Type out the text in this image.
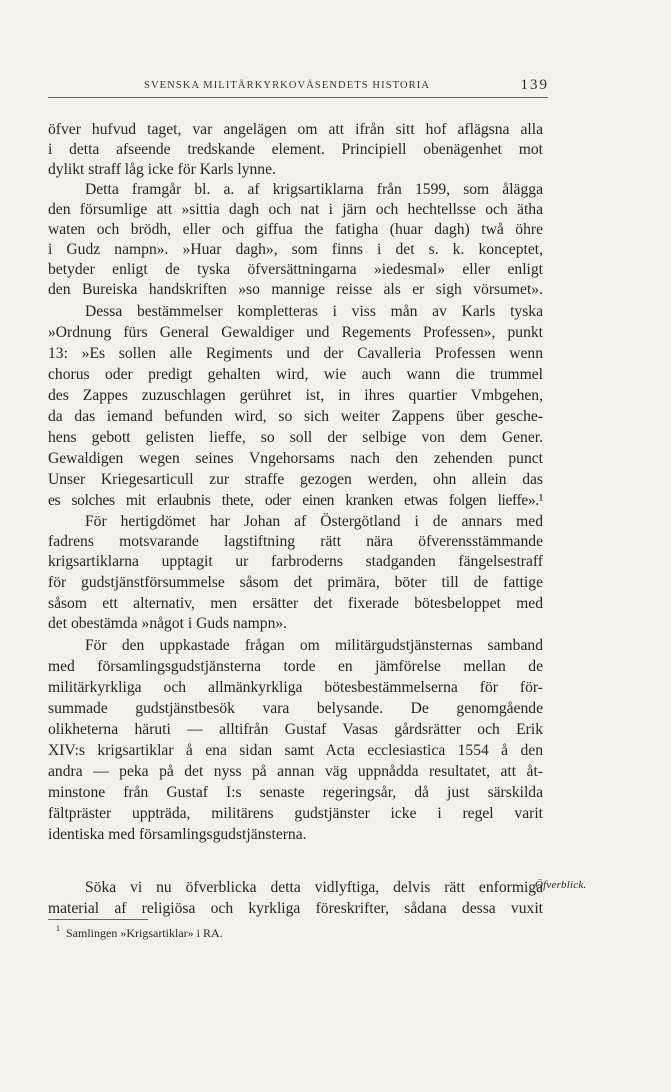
SVENSKA MILITÄRKYRKOVÄSENDETS HISTORIA	139
öfver hufvud taget, var angelägen om att ifrån sitt hof aflägsna alla
i detta afseende tredskande element. Principiell obenägenhet mot
dylikt straff låg icke för Karls lynne.
Detta framgår bl. a. af krigsartiklarna från 1599, som ålägga
den försumlige att »sittia dagh och nat i järn och hechtellsse och ätha
waten och brödh, eller och giffua the fatigha (huar dagh) twå öhre
i Gudz nampn». »Huar dagh», som finns i det s. k. konceptet,
betyder enligt de tyska öfversättningarna »iedesmal» eller enligt
den Bureiska handskriften »so mannige reisse als er sigh vörsumet».
Dessa bestämmelser kompletteras i viss mån av Karls tyska
»Ordnung fürs General Gewaldiger und Regements Professen», punkt
13: »Es sollen alle Regiments und der Cavalleria Professen wenn
chorus oder predigt gehalten wird, wie auch wann die trummel
des Zappes zuzuschlagen gerühret ist, in ihres quartier Vmbgehen,
da das iemand befunden wird, so sich weiter Zappens über gesche-
hens gebott gelisten lieffe, so soll der selbige von dem Gener.
Gewaldigen wegen seines Vngehorsams nach den zehenden punct
Unser Kriegesarticull zur straffe gezogen werden, ohn allein das
es solches mit erlaubnis thete, oder einen kranken etwas folgen lieffe».¹
För hertigdömet har Johan af Östergötland i de annars med
fadrens motsvarande lagstiftning rätt nära öfverensstämmande
krigsartiklarna upptagit ur farbroderns stadganden fängelsestraff
för gudstjänstförsummelse såsom det primära, böter till de fattige
såsom ett alternativ, men ersätter det fixerade bötesbeloppet med
det obestämda »något i Guds nampn».
För den uppkastade frågan om militärgudstjänsternas samband
med församlingsgudstjänsterna torde en jämförelse mellan de
militärkyrkliga och allmänkyrkliga bötesbestämmelserna för för-
summade gudstjänstbesök vara belysande. De genomgående
olikheterna häruti — alltifrån Gustaf Vasas gårdsrätter och Erik
XIV:s krigsartiklar å ena sidan samt Acta ecclesiastica 1554 å den
andra — peka på det nyss på annan väg uppnådda resultatet, att åt-
minstone från Gustaf I:s senaste regeringsår, då just särskilda
fältpräster uppträda, militärens gudstjänster icke i regel varit
identiska med församlingsgudstjänsterna.
Söka vi nu öfverblicka detta vidlyftiga, delvis rätt enformiga
material af religiösa och kyrkliga föreskrifter, sådana dessa vuxit
Öfverblick.
1 Samlingen »Krigsartiklar» i RA.
